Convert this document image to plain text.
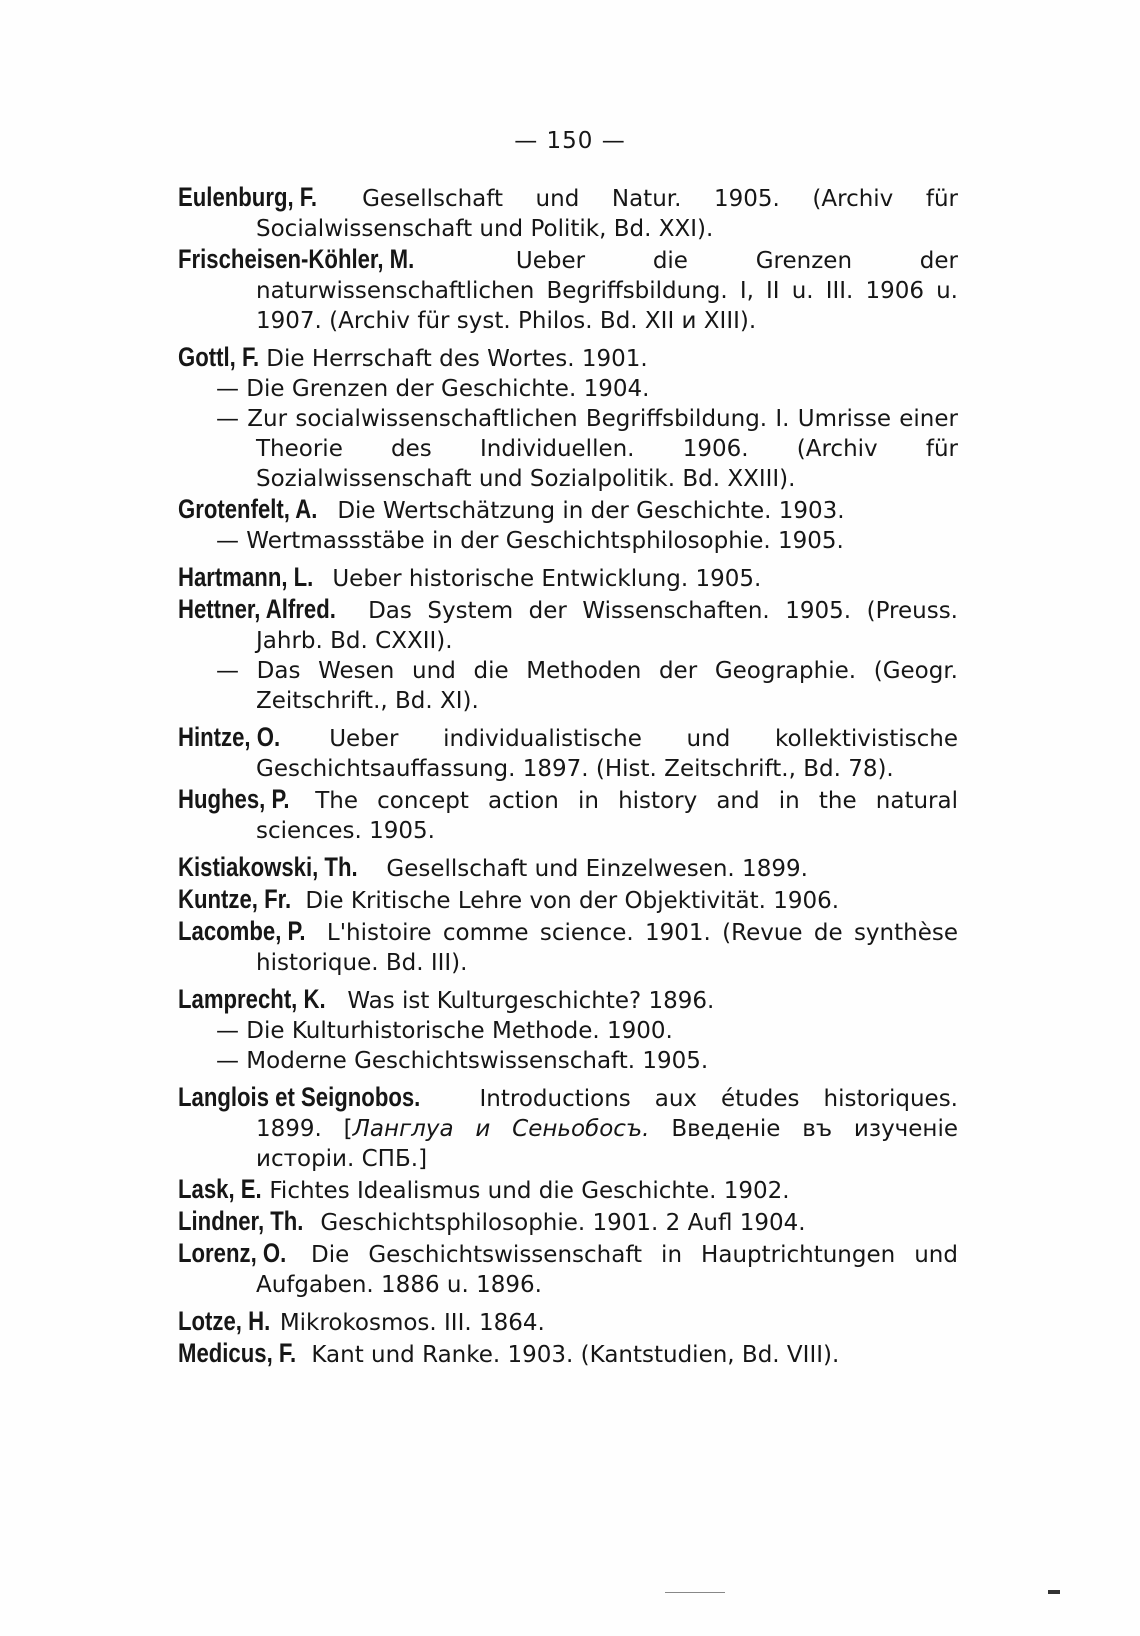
— 150 —
Eulenburg, F. Gesellschaft und Natur. 1905. (Archiv für Socialwissenschaft und Politik, Bd. XXI).
Frischeisen-Köhler, M.	Ueber die Grenzen der naturwissenschaftlichen Begriffsbildung. I, II u. III. 1906 u. 1907. (Archiv für syst. Philos. Bd. XII и XIII).
Gottl, F. Die Herrschaft des Wortes. 1901.
— Die Grenzen der Geschichte. 1904.
— Zur socialwissenschaftlichen Begriffsbildung. I. Umrisse einer Theorie des Individuellen. 1906. (Archiv für Sozialwissenschaft und Sozialpolitik. Bd. XXIII).
Grotenfelt, A. Die Wertschätzung in der Geschichte. 1903.
— Wertmassstäbe in der Geschichtsphilosophie. 1905.
Hartmann, L. Ueber historische Entwicklung. 1905.
Hettner, Alfred. Das System der Wissenschaften. 1905. (Preuss. Jahrb. Bd. CXXII).
— Das Wesen und die Methoden der Geographie. (Geogr. Zeitschrift., Bd. XI).
Hintze, O. Ueber individualistische und kollektivistische Geschichtsauffassung. 1897. (Hist. Zeitschrift., Bd. 78).
Hughes, P. The concept action in history and in the natural sciences. 1905.
Kistiakowski, Th. Gesellschaft und Einzelwesen. 1899.
Kuntze, Fr. Die Kritische Lehre von der Objektivität. 1906.
Lacombe, P. L'histoire comme science. 1901. (Revue de synthèse historique. Bd. III).
Lamprecht, K. Was ist Kulturgeschichte? 1896.
— Die Kulturhistorische Methode. 1900.
— Moderne Geschichtswissenschaft. 1905.
Langlois et Seignobos.	Introductions aux études historiques. 1899. [Ланглуа и Сеньобосъ. Введенiе въ изученiе исторiи. СПБ.]
Lask, E. Fichtes Idealismus und die Geschichte. 1902.
Lindner, Th. Geschichtsphilosophie. 1901. 2 Aufl 1904.
Lorenz, O. Die Geschichtswissenschaft in Hauptrichtungen und Aufgaben. 1886 u. 1896.
Lotze, H. Mikrokosmos. III. 1864.
Medicus, F. Kant und Ranke. 1903. (Kantstudien, Bd. VIII).
